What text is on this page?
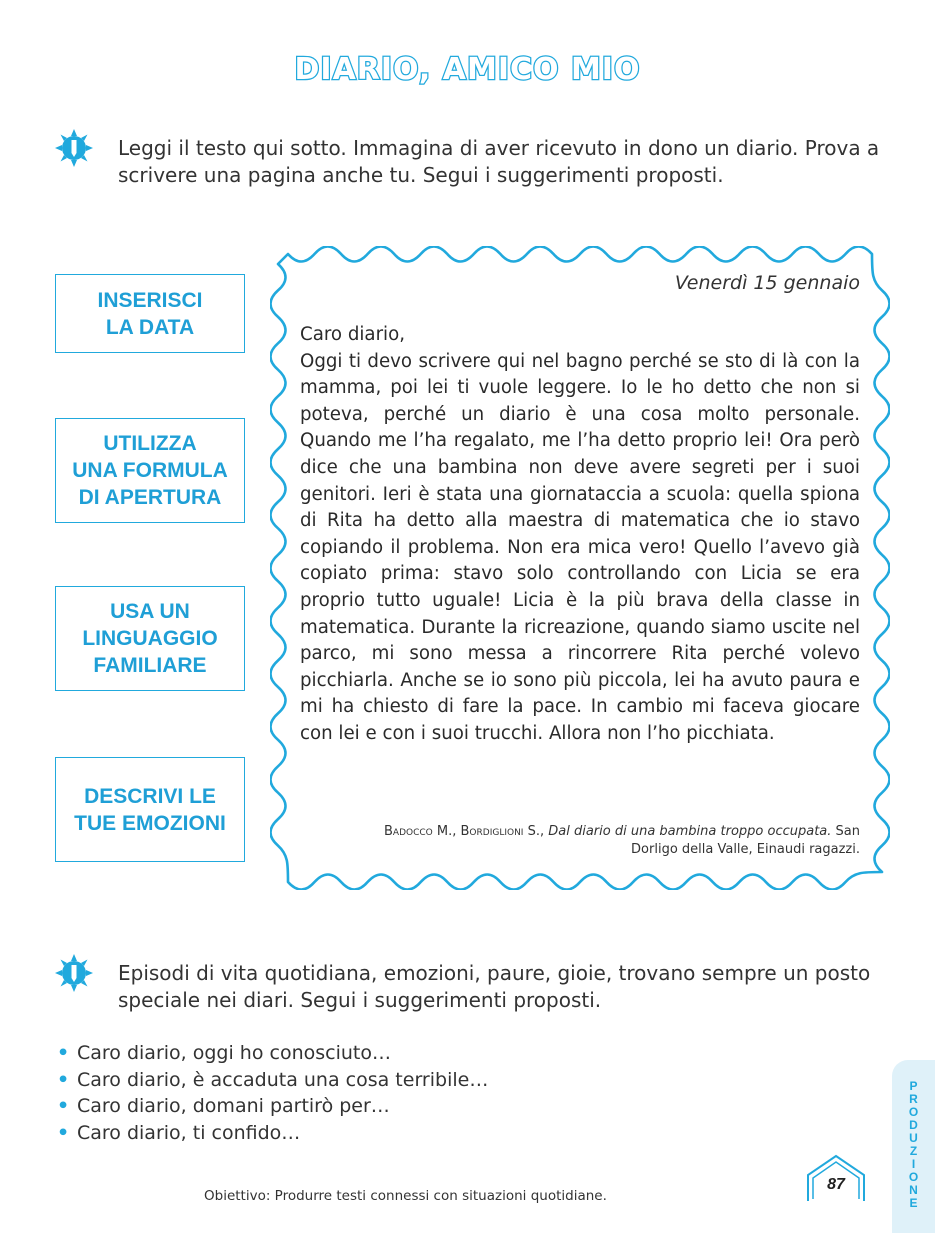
DIARIO, AMICO MIO
Leggi il testo qui sotto. Immagina di aver ricevuto in dono un diario. Prova a scrivere una pagina anche tu. Segui i suggerimenti proposti.
INSERISCI
LA DATA
UTILIZZA
UNA FORMULA
DI APERTURA
USA UN
LINGUAGGIO
FAMILIARE
DESCRIVI LE
TUE EMOZIONI
Venerdì 15 gennaio

Caro diario,

Oggi ti devo scrivere qui nel bagno perché se sto di là con la mamma, poi lei ti vuole leggere. Io le ho detto che non si poteva, perché un diario è una cosa molto personale. Quando me l’ha regalato, me l’ha detto proprio lei! Ora però dice che una bambina non deve avere segreti per i suoi genitori. Ieri è stata una giornataccia a scuola: quella spiona di Rita ha detto alla maestra di matematica che io stavo copiando il problema. Non era mica vero! Quello l’avevo già copiato prima: stavo solo controllando con Licia se era proprio tutto uguale! Licia è la più brava della classe in matematica. Durante la ricreazione, quando siamo uscite nel parco, mi sono messa a rincorrere Rita perché volevo picchiarla. Anche se io sono più piccola, lei ha avuto paura e mi ha chiesto di fare la pace. In cambio mi faceva giocare con lei e con i suoi trucchi. Allora non l’ho picchiata.

Badocco M., Bordiglioni S., Dal diario di una bambina troppo occupata. San Dorligo della Valle, Einaudi ragazzi.
Episodi di vita quotidiana, emozioni, paure, gioie, trovano sempre un posto speciale nei diari. Segui i suggerimenti proposti.
• Caro diario, oggi ho conosciuto…
• Caro diario, è accaduta una cosa terribile…
• Caro diario, domani partirò per…
• Caro diario, ti confido…
Obiettivo: Produrre testi connessi con situazioni quotidiane.
87
P
R
O
D
U
Z
I
O
N
E
